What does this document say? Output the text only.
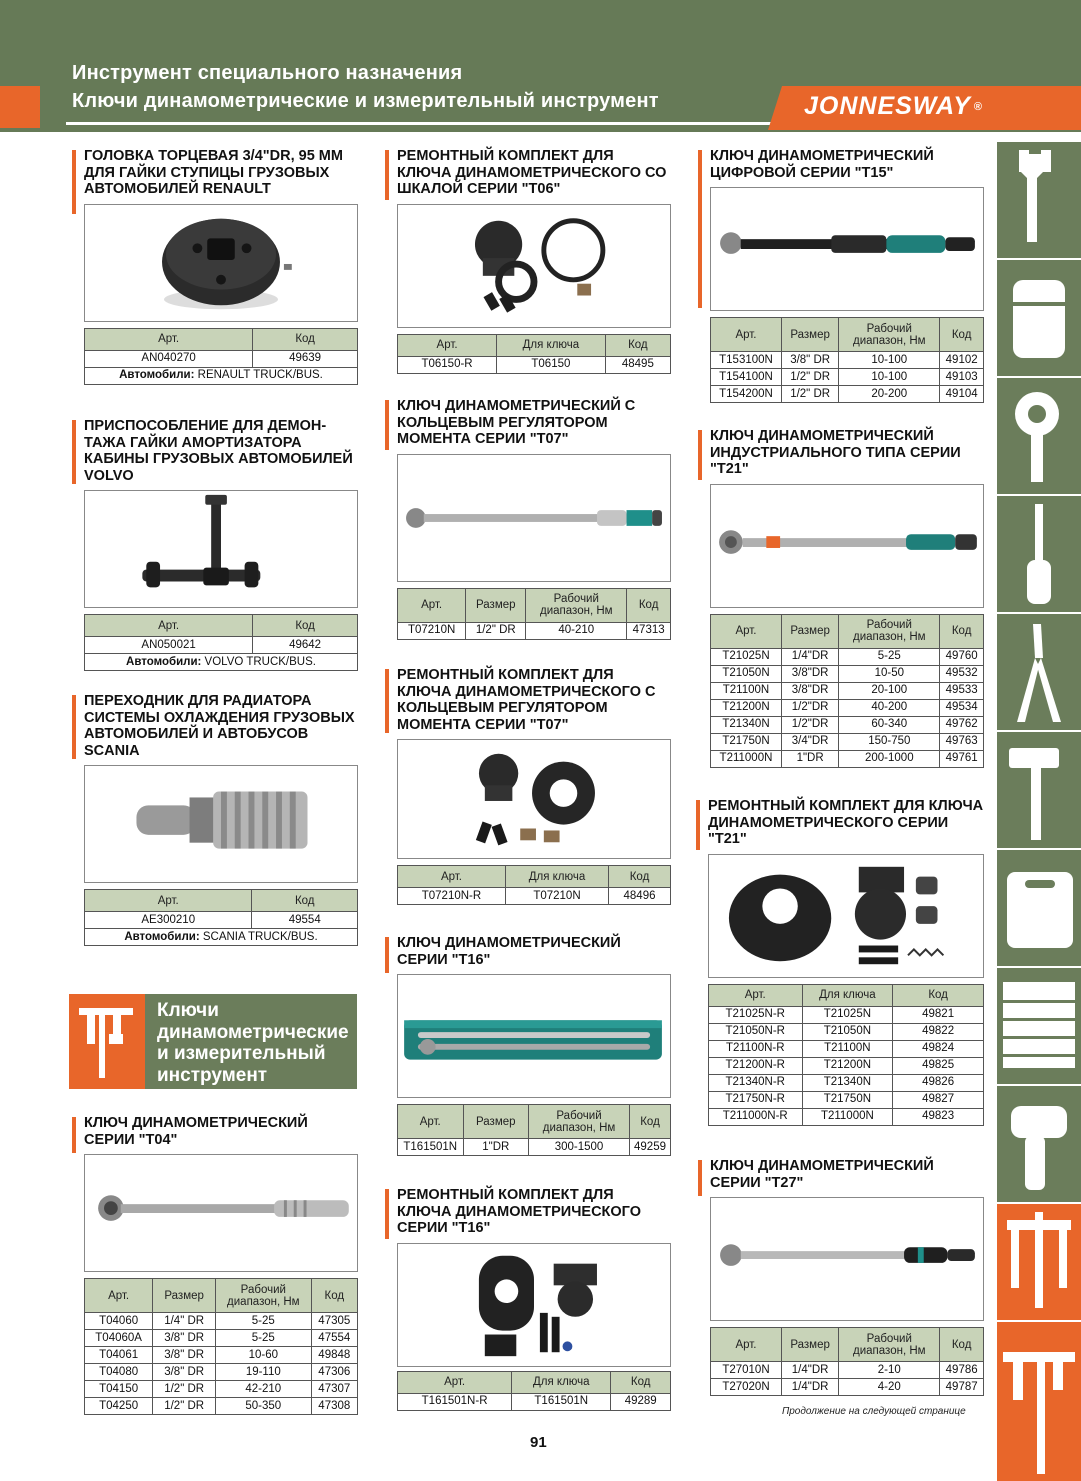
Инструмент специального назначения
Ключи динамометрические и измерительный инструмент	JONNESWAY ®
ГОЛОВКА ТОРЦЕВАЯ 3/4"DR, 95 ММ ДЛЯ ГАЙКИ СТУПИЦЫ ГРУЗОВЫХ АВТОМОБИЛЕЙ RENAULT
Арт.	Код
AN040270	49639
Автомобили: RENAULT TRUCK/BUS.	
ПРИСПОСОБЛЕНИЕ ДЛЯ ДЕМОН-ТАЖА ГАЙКИ АМОРТИЗАТОРА КАБИНЫ ГРУЗОВЫХ АВТОМОБИЛЕЙ VOLVO
Арт.	Код
AN050021	49642
Автомобили: VOLVO TRUCK/BUS.	
ПЕРЕХОДНИК ДЛЯ РАДИАТОРА СИСТЕМЫ ОХЛАЖДЕНИЯ ГРУЗОВЫХ АВТОМОБИЛЕЙ И АВТОБУСОВ SCANIA
Арт.	Код
AE300210	49554
Автомобили: SCANIA TRUCK/BUS.	
Ключи
динамометрические
и измерительный
инструмент
КЛЮЧ ДИНАМОМЕТРИЧЕСКИЙ СЕРИИ "Т04"
Арт.	Размер	Рабочий диапазон, Нм	Код
T04060	1/4" DR	5-25	47305
T04060A	3/8" DR	5-25	47554
T04061	3/8" DR	10-60	49848
T04080	3/8" DR	19-110	47306
T04150	1/2" DR	42-210	47307
T04250	1/2" DR	50-350	47308
РЕМОНТНЫЙ КОМПЛЕКТ ДЛЯ КЛЮЧА ДИНАМОМЕТРИЧЕСКОГО СО ШКАЛОЙ СЕРИИ "Т06"
Арт.	Для ключа	Код
T06150-R	T06150	48495
КЛЮЧ ДИНАМОМЕТРИЧЕСКИЙ С КОЛЬЦЕВЫМ РЕГУЛЯТОРОМ МОМЕНТА СЕРИИ "Т07"
Арт.	Размер	Рабочий диапазон, Нм	Код
T07210N	1/2" DR	40-210	47313
РЕМОНТНЫЙ КОМПЛЕКТ ДЛЯ КЛЮЧА ДИНАМОМЕТРИЧЕСКОГО С КОЛЬЦЕВЫМ РЕГУЛЯТОРОМ МОМЕНТА СЕРИИ "Т07"
Арт.	Для ключа	Код
T07210N-R	T07210N	48496
КЛЮЧ ДИНАМОМЕТРИЧЕСКИЙ СЕРИИ "Т16"
Арт.	Размер	Рабочий диапазон, Нм	Код
T161501N	1"DR	300-1500	49259
РЕМОНТНЫЙ КОМПЛЕКТ ДЛЯ КЛЮЧА ДИНАМОМЕТРИЧЕСКОГО СЕРИИ "Т16"
Арт.	Для ключа	Код
T161501N-R	T161501N	49289
КЛЮЧ ДИНАМОМЕТРИЧЕСКИЙ ЦИФРОВОЙ СЕРИИ "Т15"
Арт.	Размер	Рабочий диапазон, Нм	Код
T153100N	3/8" DR	10-100	49102
T154100N	1/2" DR	10-100	49103
T154200N	1/2" DR	20-200	49104
КЛЮЧ ДИНАМОМЕТРИЧЕСКИЙ ИНДУСТРИАЛЬНОГО ТИПА СЕРИИ "Т21"
Арт.	Размер	Рабочий диапазон, Нм	Код
T21025N	1/4"DR	5-25	49760
T21050N	3/8"DR	10-50	49532
T21100N	3/8"DR	20-100	49533
T21200N	1/2"DR	40-200	49534
T21340N	1/2"DR	60-340	49762
T21750N	3/4"DR	150-750	49763
T211000N	1"DR	200-1000	49761
РЕМОНТНЫЙ КОМПЛЕКТ ДЛЯ КЛЮЧА ДИНАМОМЕТРИЧЕСКОГО СЕРИИ "Т21"
Арт.	Для ключа	Код
T21025N-R	T21025N	49821
T21050N-R	T21050N	49822
T21100N-R	T21100N	49824
T21200N-R	T21200N	49825
T21340N-R	T21340N	49826
T21750N-R	T21750N	49827
T211000N-R	T211000N	49823
КЛЮЧ ДИНАМОМЕТРИЧЕСКИЙ СЕРИИ "Т27"
Арт.	Размер	Рабочий диапазон, Нм	Код
T27010N	1/4"DR	2-10	49786
T27020N	1/4"DR	4-20	49787
Продолжение на следующей странице
91
